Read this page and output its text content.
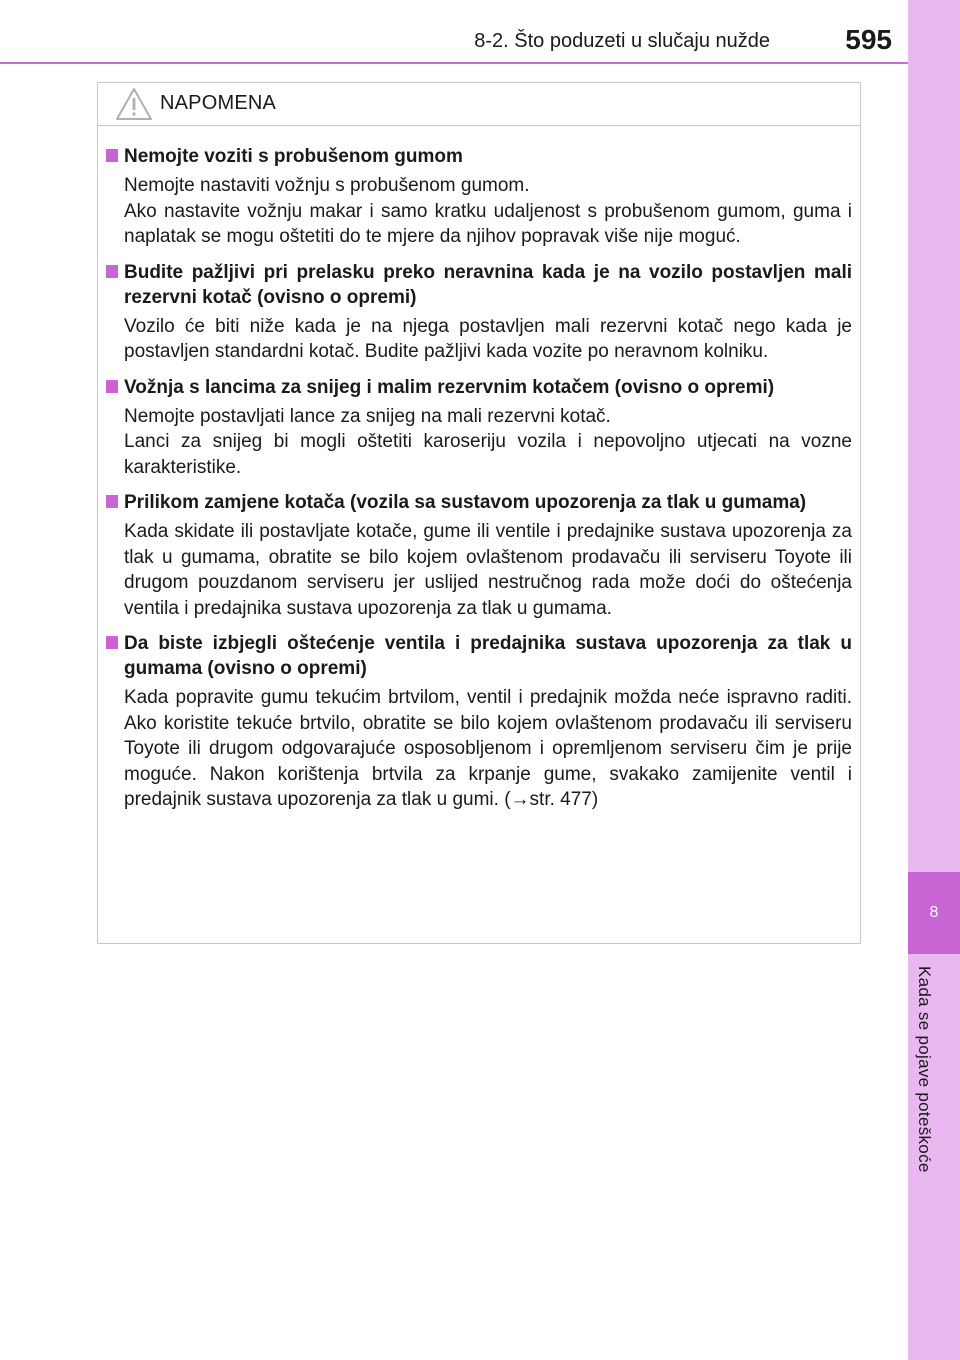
8-2. Što poduzeti u slučaju nužde	595
8
Kada se pojave poteškoće
NAPOMENA
Nemojte voziti s probušenom gumom
Nemojte nastaviti vožnju s probušenom gumom.
Ako nastavite vožnju makar i samo kratku udaljenost s probušenom gumom, guma i naplatak se mogu oštetiti do te mjere da njihov popravak više nije moguć.
Budite pažljivi pri prelasku preko neravnina kada je na vozilo postavljen mali rezervni kotač (ovisno o opremi)
Vozilo će biti niže kada je na njega postavljen mali rezervni kotač nego kada je postavljen standardni kotač. Budite pažljivi kada vozite po neravnom kolniku.
Vožnja s lancima za snijeg i malim rezervnim kotačem (ovisno o opremi)
Nemojte postavljati lance za snijeg na mali rezervni kotač.
Lanci za snijeg bi mogli oštetiti karoseriju vozila i nepovoljno utjecati na vozne karakteristike.
Prilikom zamjene kotača (vozila sa sustavom upozorenja za tlak u gumama)
Kada skidate ili postavljate kotače, gume ili ventile i predajnike sustava upozorenja za tlak u gumama, obratite se bilo kojem ovlaštenom prodavaču ili serviseru Toyote ili drugom pouzdanom serviseru jer uslijed nestručnog rada može doći do oštećenja ventila i predajnika sustava upozorenja za tlak u gumama.
Da biste izbjegli oštećenje ventila i predajnika sustava upozorenja za tlak u gumama (ovisno o opremi)
Kada popravite gumu tekućim brtvilom, ventil i predajnik možda neće ispravno raditi. Ako koristite tekuće brtvilo, obratite se bilo kojem ovlaštenom prodavaču ili serviseru Toyote ili drugom odgovarajuće osposobljenom i opremljenom serviseru čim je prije moguće. Nakon korištenja brtvila za krpanje gume, svakako zamijenite ventil i predajnik sustava upozorenja za tlak u gumi. (→str. 477)
